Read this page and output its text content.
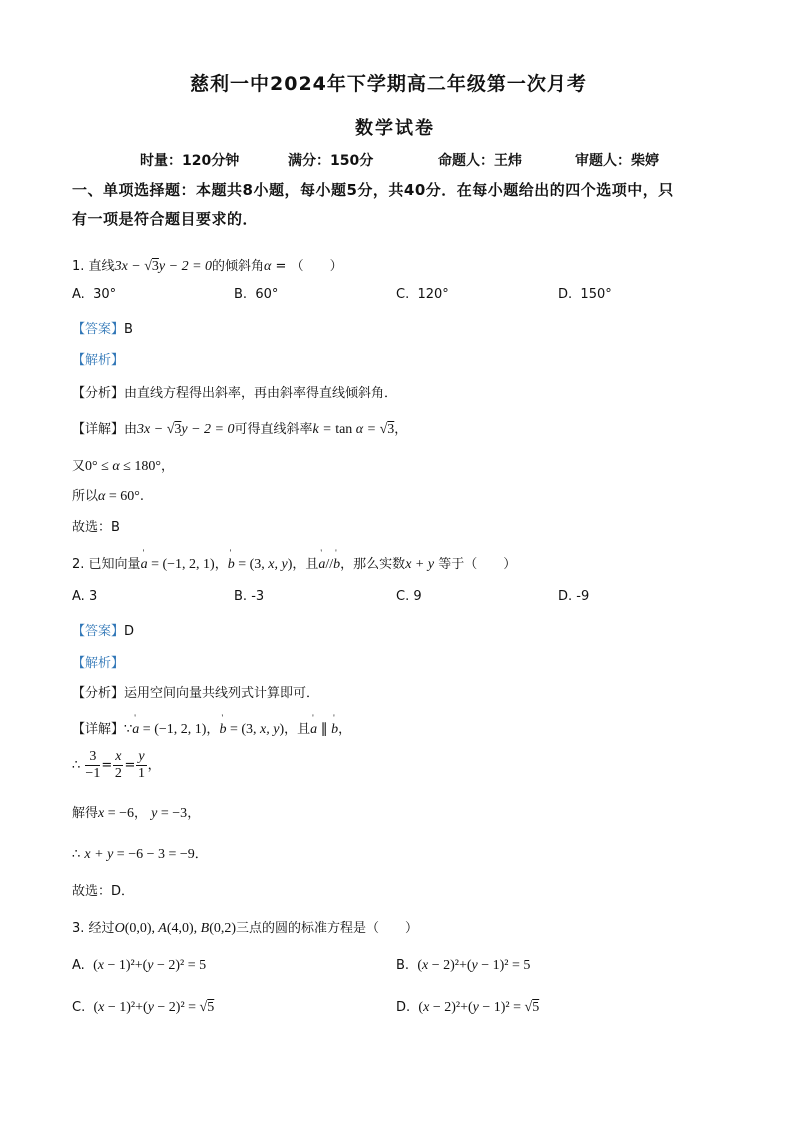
慈利一中2024年下学期高二年级第一次月考
数学试卷
时量：120分钟	满分：150分	命题人：王炜	审题人：柴婷
一、单项选择题：本题共8小题，每小题5分，共40分．在每小题给出的四个选项中，只
有一项是符合题目要求的．
1. 直线3x − √3y − 2 = 0的倾斜角α = （　　）
A. 30°	B. 60°	C. 120°	D. 150°
【答案】B
【解析】
【分析】由直线方程得出斜率，再由斜率得直线倾斜角．
【详解】由3x − √3y − 2 = 0可得直线斜率k = tan α = √3，
又0° ≤ α ≤ 180°，
所以α = 60°.
故选：B
2. 已知向量' a = (−1, 2, 1)，' b = (3, x, y)，且' a//' b，那么实数x + y 等于（　　）
A. 3	B. -3	C. 9	D. -9
【答案】D
【解析】
【分析】运用空间向量共线列式计算即可．
【详解】∵' a = (−1, 2, 1)，' b = (3, x, y)，且' a ∥ ' b，
∴ $\frac{3}{-1} = \frac{x}{2} = \frac{y}{1}$ ，
解得x = −6， y = −3，
∴ x + y = −6 − 3 = −9．
故选：D．
3. 经过O(0,0), A(4,0), B(0,2)三点的圆的标准方程是（　　）
A. (x − 1)²+(y − 2)² = 5	B. (x − 2)²+(y − 1)² = 5
C. (x − 1)²+(y − 2)² = √5	D. (x − 2)²+(y − 1)² = √5
